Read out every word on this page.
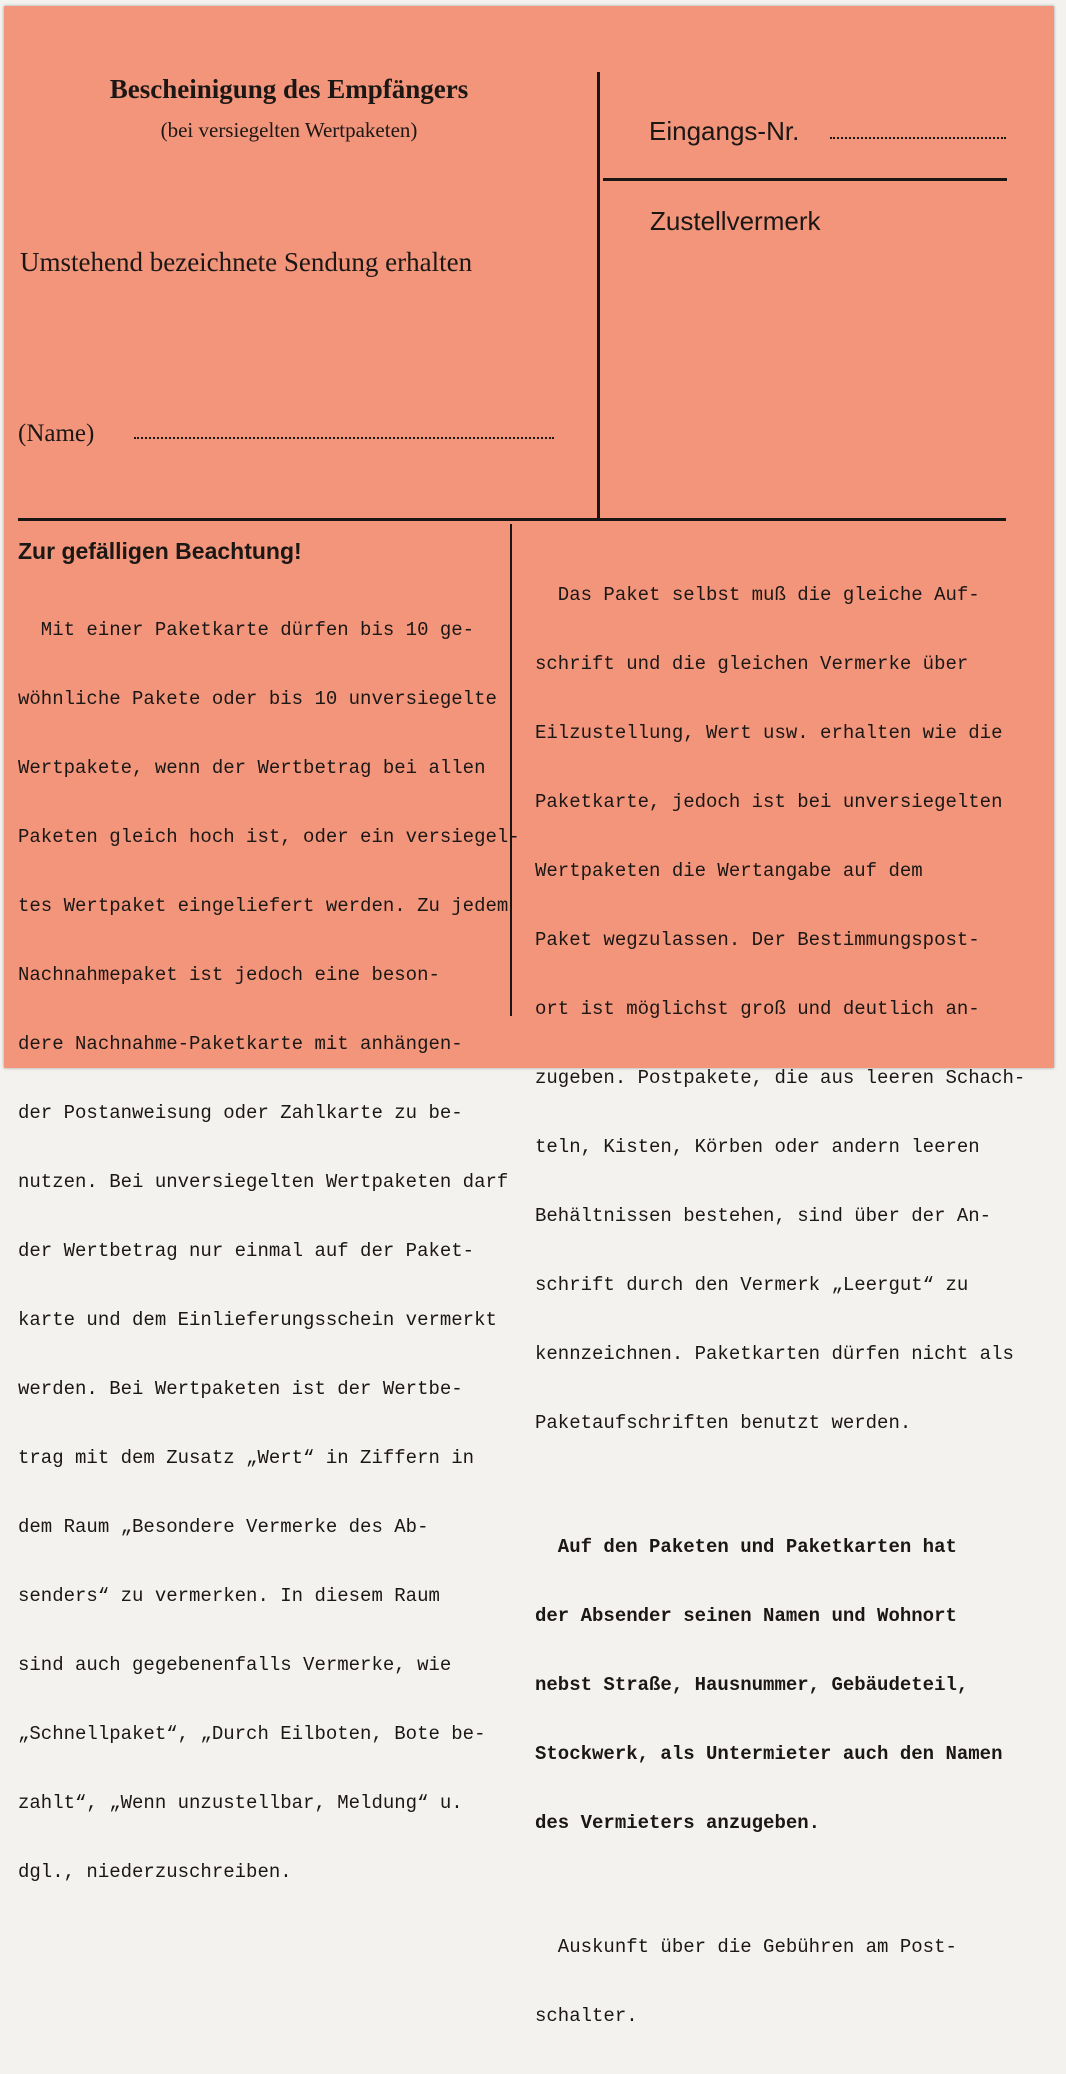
Bescheinigung des Empfängers
(bei versiegelten Wertpaketen)
Umstehend bezeichnete Sendung erhalten
(Name)
Eingangs-Nr.
Zustellvermerk
Zur gefälligen Beachtung!

Mit einer Paketkarte dürfen bis 10 ge-

wöhnliche Pakete oder bis 10 unversiegelte

Wertpakete, wenn der Wertbetrag bei allen

Paketen gleich hoch ist, oder ein versiegel-

tes Wertpaket eingeliefert werden. Zu jedem

Nachnahmepaket ist jedoch eine beson-

dere Nachnahme-Paketkarte mit anhängen-

der Postanweisung oder Zahlkarte zu be-

nutzen. Bei unversiegelten Wertpaketen darf

der Wertbetrag nur einmal auf der Paket-

karte und dem Einlieferungsschein vermerkt

werden. Bei Wertpaketen ist der Wertbe-

trag mit dem Zusatz „Wert“ in Ziffern in

dem Raum „Besondere Vermerke des Ab-

senders“ zu vermerken. In diesem Raum

sind auch gegebenenfalls Vermerke, wie

„Schnellpaket“, „Durch Eilboten, Bote be-

zahlt“, „Wenn unzustellbar, Meldung“ u.

dgl., niederzuschreiben.

Das Paket selbst muß die gleiche Auf-

schrift und die gleichen Vermerke über

Eilzustellung, Wert usw. erhalten wie die

Paketkarte, jedoch ist bei unversiegelten

Wertpaketen die Wertangabe auf dem

Paket wegzulassen. Der Bestimmungspost-

ort ist möglichst groß und deutlich an-

zugeben. Postpakete, die aus leeren Schach-

teln, Kisten, Körben oder andern leeren

Behältnissen bestehen, sind über der An-

schrift durch den Vermerk „Leergut“ zu

kennzeichnen. Paketkarten dürfen nicht als

Paketaufschriften benutzt werden.

Auf den Paketen und Paketkarten hat

der Absender seinen Namen und Wohnort

nebst Straße, Hausnummer, Gebäudeteil,

Stockwerk, als Untermieter auch den Namen

des Vermieters anzugeben.

Auskunft über die Gebühren am Post-

schalter.
